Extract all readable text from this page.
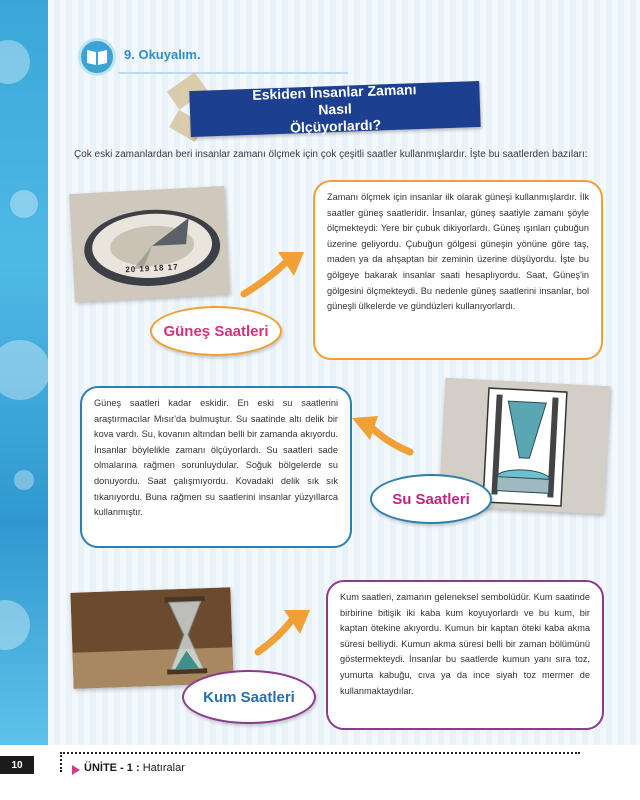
9. Okuyalım.
Eskiden İnsanlar Zamanı Nasıl
Ölçüyorlardı?
Çok eski zamanlardan beri insanlar zamanı ölçmek için çok çeşitli saatler kullanmışlardır. İşte bu saatlerden bazıları:
20 19 18 17
Güneş Saatleri
Zamanı ölçmek için insanlar ilk olarak güneşi kullanmışlardır. İlk saatler güneş saatleridir. İnsanlar, güneş saatiyle zamanı şöyle ölçmekteydi: Yere bir çubuk dikiyorlardı. Güneş ışınları çubuğun üzerine geliyordu. Çubuğun gölgesi güneşin yönüne göre taş, maden ya da ahşaptan bir zeminin üzerine düşüyordu. İşte bu gölgeye bakarak insanlar saati hesaplıyordu. Saat, Güneş'in gölgesini ölçmekteydi. Bu nedenle güneş saatlerini insanlar, bol güneşli ülkelerde ve gündüzleri kullanıyorlardı.
Güneş saatleri kadar eskidir. En eski su saatlerini araştırmacılar Mısır'da bulmuştur. Su saatinde altı delik bir kova vardı. Su, kovanın altından belli bir zamanda akıyordu. İnsanlar böylelikle zamanı ölçüyorlardı. Su saatleri sade olmalarına rağmen sorunluydular. Soğuk bölgelerde su donuyordu. Saat çalışmıyordu. Kovadaki delik sık sık tıkanıyordu. Buna rağmen su saatlerini insanlar yüzyıllarca kullanmıştır.
Su Saatleri
Kum Saatleri
Kum saatleri, zamanın geleneksel sembolüdür. Kum saatinde birbirine bitişik iki kaba kum koyuyorlardı ve bu kum, bir kaptan ötekine akıyordu. Kumun bir kaptan öteki kaba akma süresi belliydi. Kumun akma süresi belli bir zaman bölümünü göstermekteydi. İnsanlar bu saatlerde kumun yanı sıra toz, yumurta kabuğu, cıva ya da ince siyah toz mermer de kullanmaktaydılar.
10	ÜNİTE - 1 : Hatıralar
